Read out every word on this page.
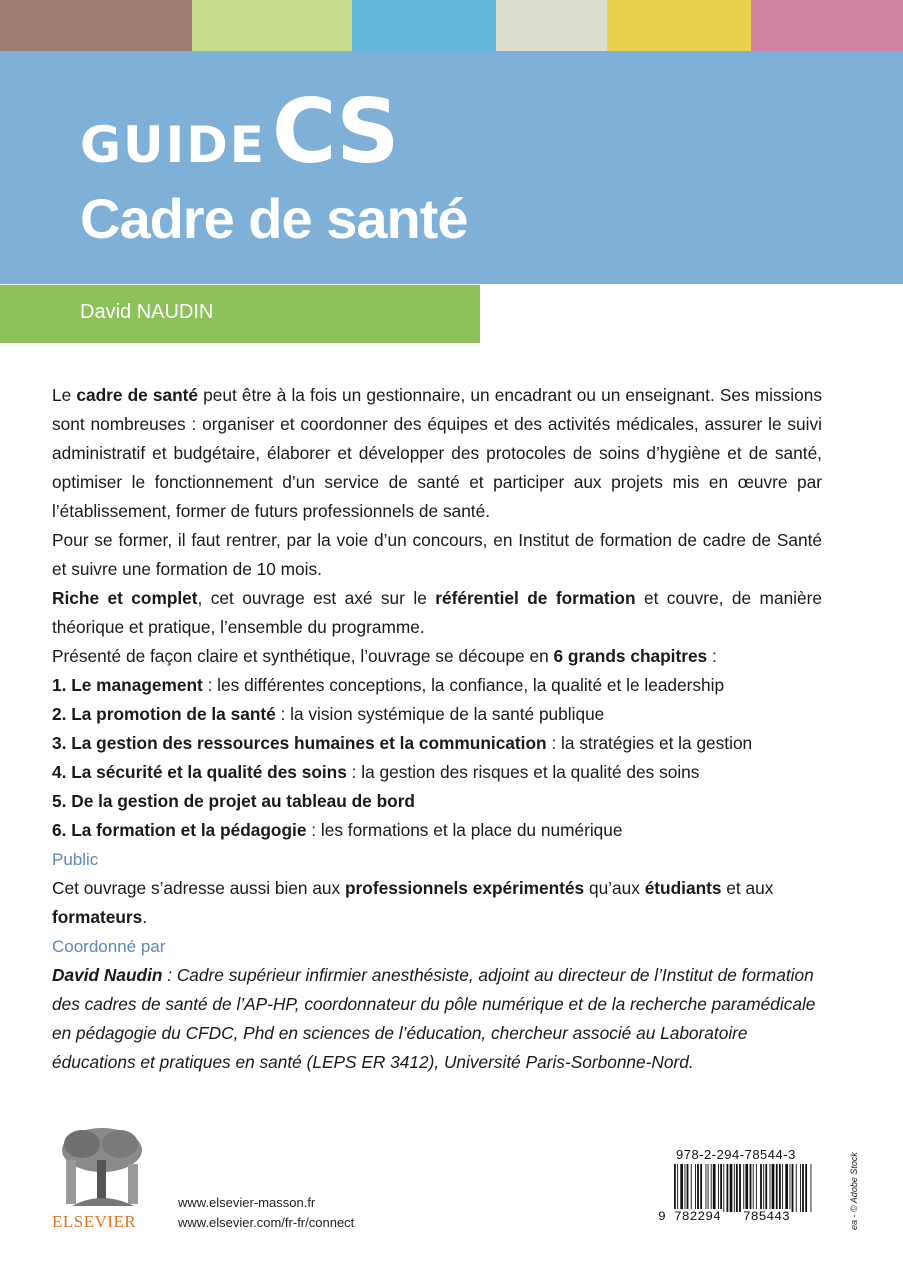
GUIDECS
Cadre de santé
David NAUDIN

Le cadre de santé peut être à la fois un gestionnaire, un encadrant ou un enseignant. Ses missions sont nombreuses : organiser et coordonner des équipes et des activités médicales, assurer le suivi administratif et budgétaire, élaborer et développer des protocoles de soins d’hygiène et de santé, optimiser le fonctionnement d’un service de santé et participer aux projets mis en œuvre par l’établissement, former de futurs professionnels de santé.

Pour se former, il faut rentrer, par la voie d’un concours, en Institut de formation de cadre de Santé et suivre une formation de 10 mois.

Riche et complet, cet ouvrage est axé sur le référentiel de formation et couvre, de manière théorique et pratique, l’ensemble du programme.

Présenté de façon claire et synthétique, l’ouvrage se découpe en 6 grands chapitres :

1. Le management : les différentes conceptions, la confiance, la qualité et le leadership

2. La promotion de la santé : la vision systémique de la santé publique

3. La gestion des ressources humaines et la communication : la stratégies et la gestion

4. La sécurité et la qualité des soins : la gestion des risques et la qualité des soins

5. De la gestion de projet au tableau de bord

6. La formation et la pédagogie : les formations et la place du numérique

Public

Cet ouvrage s’adresse aussi bien aux professionnels expérimentés qu’aux étudiants et aux formateurs.

Coordonné par

David Naudin : Cadre supérieur infirmier anesthésiste, adjoint au directeur de l’Institut de formation des cadres de santé de l’AP-HP, coordonnateur du pôle numérique et de la recherche paramédicale en pédagogie du CFDC, Phd en sciences de l’éducation, chercheur associé au Laboratoire éducations et pratiques en santé (LEPS ER 3412), Université Paris-Sorbonne-Nord.

ELSEVIER
www.elsevier-masson.fr
www.elsevier.com/fr-fr/connect
978-2-294-78544-3
9 782294 785443	ea - © Adobe Stock
